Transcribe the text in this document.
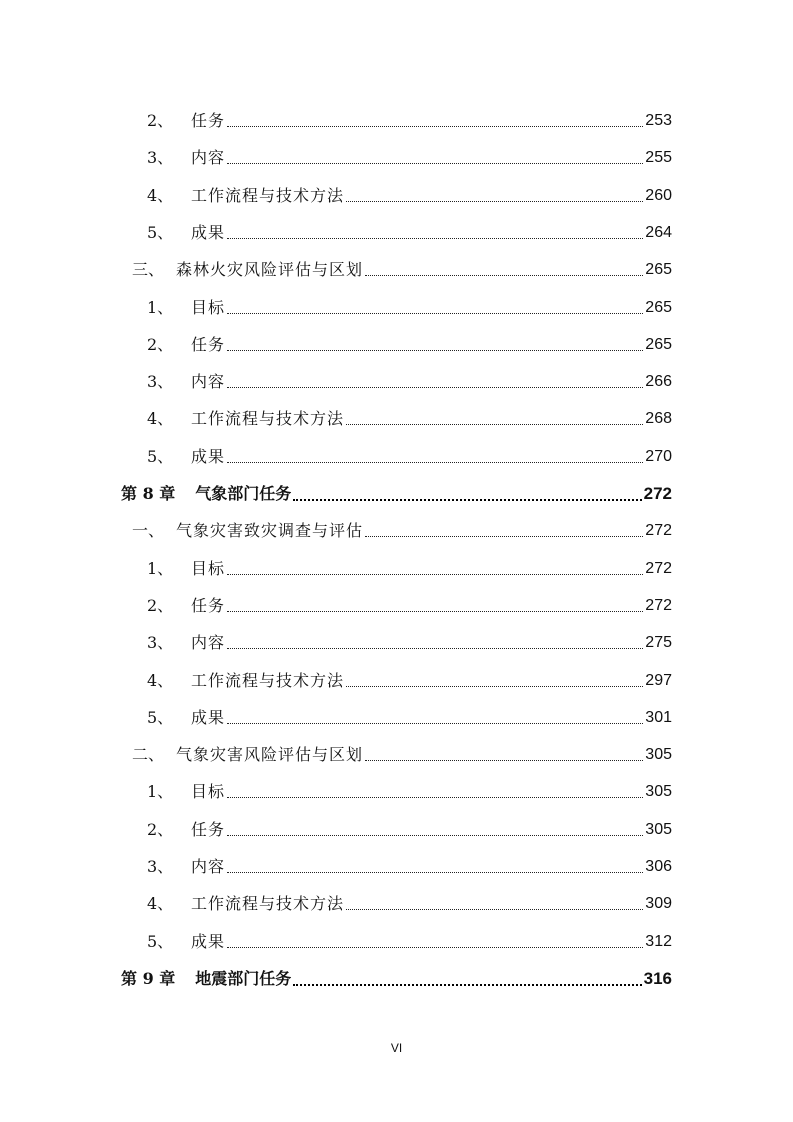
2、	任务	253
3、	内容	255
4、	工作流程与技术方法	260
5、	成果	264
三、 森林火灾风险评估与区划	265
1、	目标	265
2、	任务	265
3、	内容	266
4、	工作流程与技术方法	268
5、	成果	270
第 8 章 气象部门任务	272
一、 气象灾害致灾调查与评估	272
1、	目标	272
2、	任务	272
3、	内容	275
4、	工作流程与技术方法	297
5、	成果	301
二、 气象灾害风险评估与区划	305
1、	目标	305
2、	任务	305
3、	内容	306
4、	工作流程与技术方法	309
5、	成果	312
第 9 章 地震部门任务	316
VI
